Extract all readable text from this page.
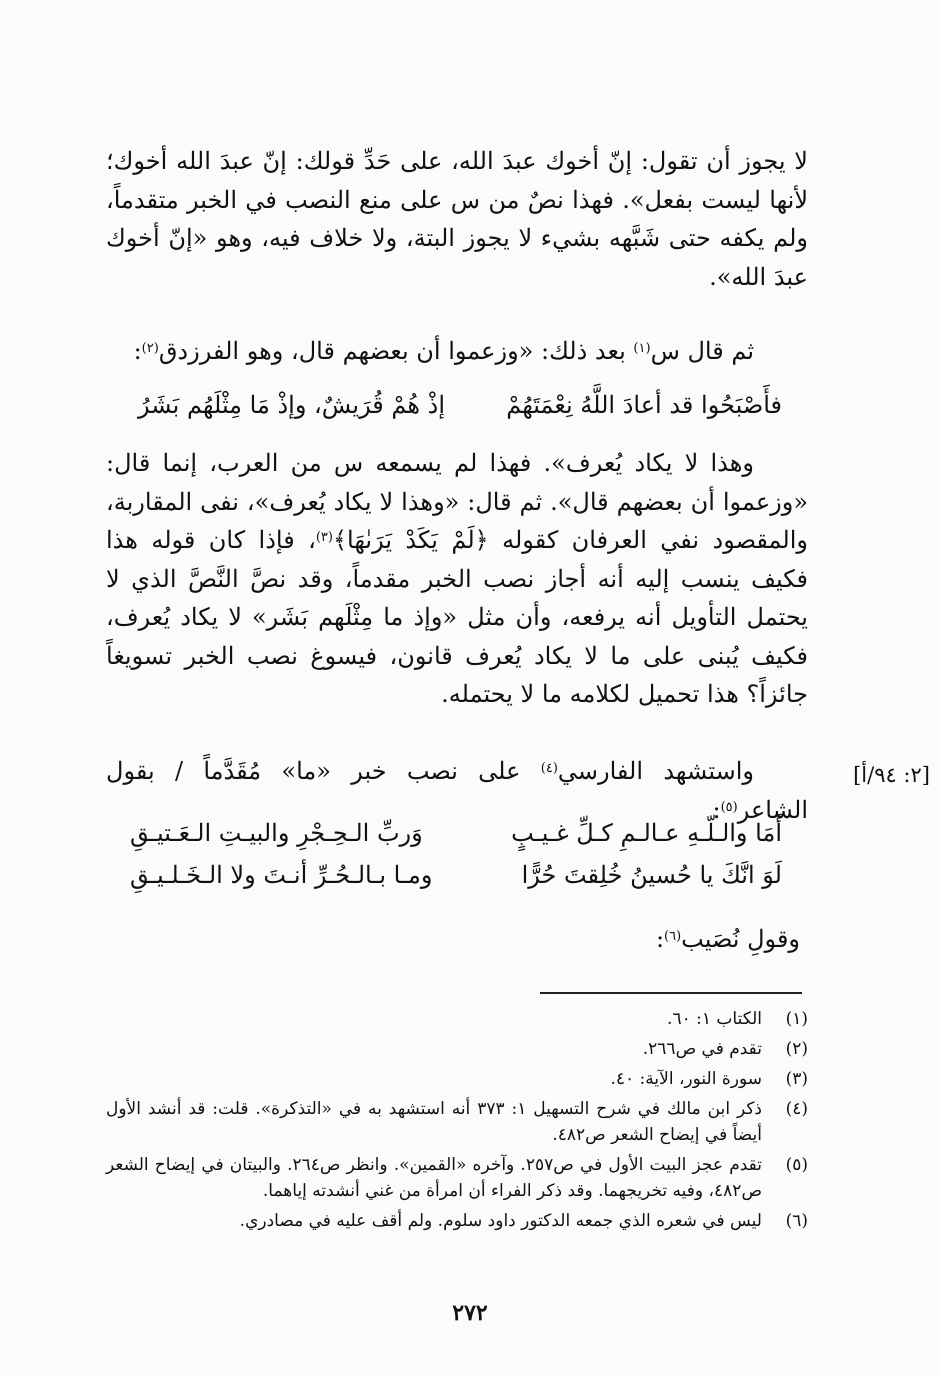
لا يجوز أن تقول: إنّ أخوك عبدَ الله، على حَدِّ قولك: إنّ عبدَ الله أخوك؛ لأنها ليست بفعل». فهذا نصٌ من س على منع النصب في الخبر متقدماً، ولم يكفه حتى شَبَّهه بشيء لا يجوز البتة، ولا خلاف فيه، وهو «إنّ أخوك عبدَ الله».

ثم قال س$^{(١)}$ بعد ذلك: «وزعموا أن بعضهم قال، وهو الفرزدق$^{(٢)}$:

فأَصْبَحُوا قد أعادَ اللَّهُ نِعْمَتَهُمْ
إذْ هُمْ قُرَيشٌ، وإذْ مَا مِثْلَهُم بَشَرُ

وهذا لا يكاد يُعرف». فهذا لم يسمعه س من العرب، إنما قال: «وزعموا أن بعضهم قال». ثم قال: «وهذا لا يكاد يُعرف»، نفى المقاربة، والمقصود نفي العرفان كقوله ﴿لَمْ يَكَدْ يَرَىٰهَا﴾$^{(٣)}$، فإذا كان قوله هذا فكيف ينسب إليه أنه أجاز نصب الخبر مقدماً، وقد نصَّ النَّصَّ الذي لا يحتمل التأويل أنه يرفعه، وأن مثل «وإذ ما مِثْلَهم بَشَر» لا يكاد يُعرف، فكيف يُبنى على ما لا يكاد يُعرف قانون، فيسوغ نصب الخبر تسويغاً جائزاً؟ هذا تحميل لكلامه ما لا يحتمله.

[٢: ٩٤/أ]

واستشهد الفارسي$^{(٤)}$ على نصب خبر «ما» مُقَدَّماً / بقول الشاعر$^{(٥)}$:

أَمَا والـلّـهِ عـالـمِ كـلِّ غـيـبٍ
وَربِّ الـحِـجْرِ والبيـتِ الـعَـتيـقِ
لَوَ انَّكَ يا حُسينُ خُلِقتَ حُرًّا
ومـا بـالـحُـرِّ أنـتَ ولا الـخَـلـيـقِ

وقولِ نُصَيب$^{(٦)}$:

(١)
الكتاب ١: ٦٠.
(٢)
تقدم في ص٢٦٦.
(٣)
سورة النور، الآية: ٤٠.
(٤)
ذكر ابن مالك في شرح التسهيل ١: ٣٧٣ أنه استشهد به في «التذكرة». قلت: قد أنشد الأول أيضاً في إيضاح الشعر ص٤٨٢.
(٥)
تقدم عجز البيت الأول في ص٢٥٧. وآخره «القمين». وانظر ص٢٦٤. والبيتان في إيضاح الشعر ص٤٨٢، وفيه تخريجهما. وقد ذكر الفراء أن امرأة من غني أنشدته إياهما.
(٦)
ليس في شعره الذي جمعه الدكتور داود سلوم. ولم أقف عليه في مصادري.
٢٧٢
